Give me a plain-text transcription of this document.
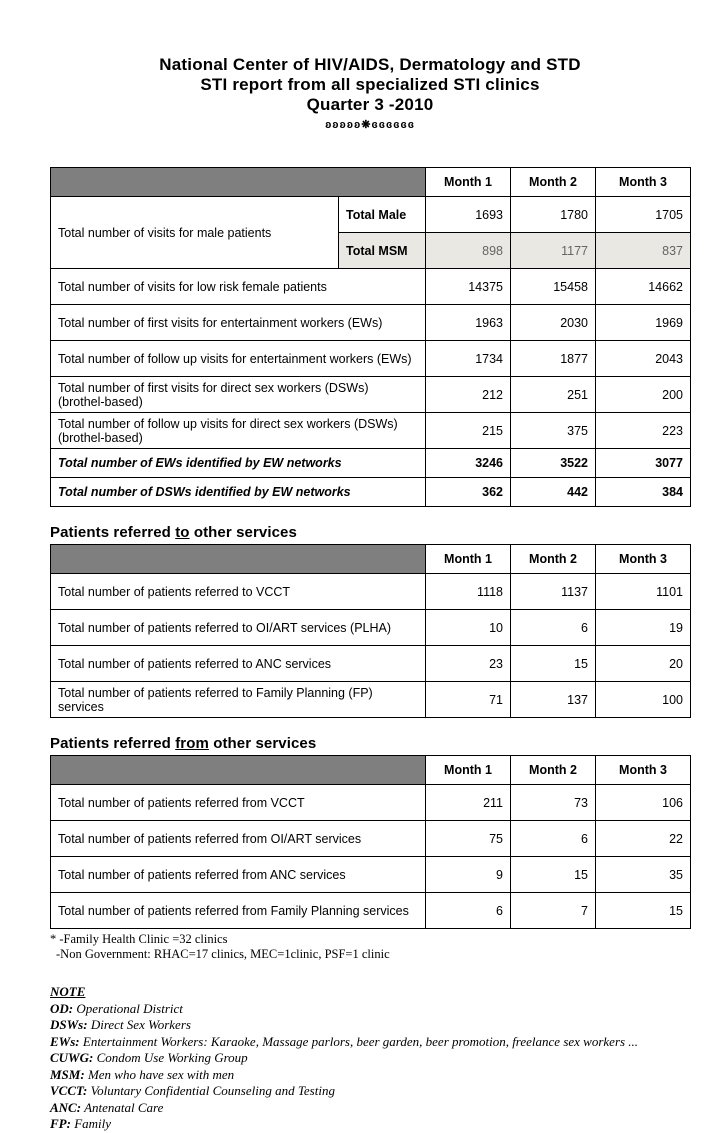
National Center of HIV/AIDS, Dermatology and STD
STI report from all specialized STI clinics
Quarter 3 -2010
ʚʚʚʚʚ❋ɞɞɞɞɞɞ
		Month 1	Month 2	Month 3
Total number of visits for male patients	Total Male	1693	1780	1705
	Total MSM	898	1177	837
Total number of visits for low risk female patients		14375	15458	14662
Total number of first visits for entertainment workers (EWs)		1963	2030	1969
Total number of follow up visits for entertainment workers (EWs)		1734	1877	2043
Total number of first visits for direct sex workers (DSWs) (brothel-based)		212	251	200
Total number of follow up visits for direct sex workers (DSWs) (brothel-based)		215	375	223
Total number of EWs identified by EW networks		3246	3522	3077
Total number of DSWs identified by EW networks		362	442	384
Patients referred to other services
	Month 1	Month 2	Month 3
Total number of patients referred to VCCT	1118	1137	1101
Total number of patients referred to OI/ART services (PLHA)	10	6	19
Total number of patients referred to ANC services	23	15	20
Total number of patients referred to Family Planning (FP) services	71	137	100
Patients referred from other services
	Month 1	Month 2	Month 3
Total number of patients referred from VCCT	211	73	106
Total number of patients referred from OI/ART services	75	6	22
Total number of patients referred from ANC services	9	15	35
Total number of patients referred from Family Planning services	6	7	15
* -Family Health Clinic =32 clinics
-Non Government: RHAC=17 clinics, MEC=1clinic, PSF=1 clinic
NOTE
OD: Operational District
DSWs: Direct Sex Workers
EWs: Entertainment Workers: Karaoke, Massage parlors, beer garden, beer promotion, freelance sex workers ...
CUWG: Condom Use Working Group
MSM: Men who have sex with men
VCCT: Voluntary Confidential Counseling and Testing
ANC: Antenatal Care
FP: Family
